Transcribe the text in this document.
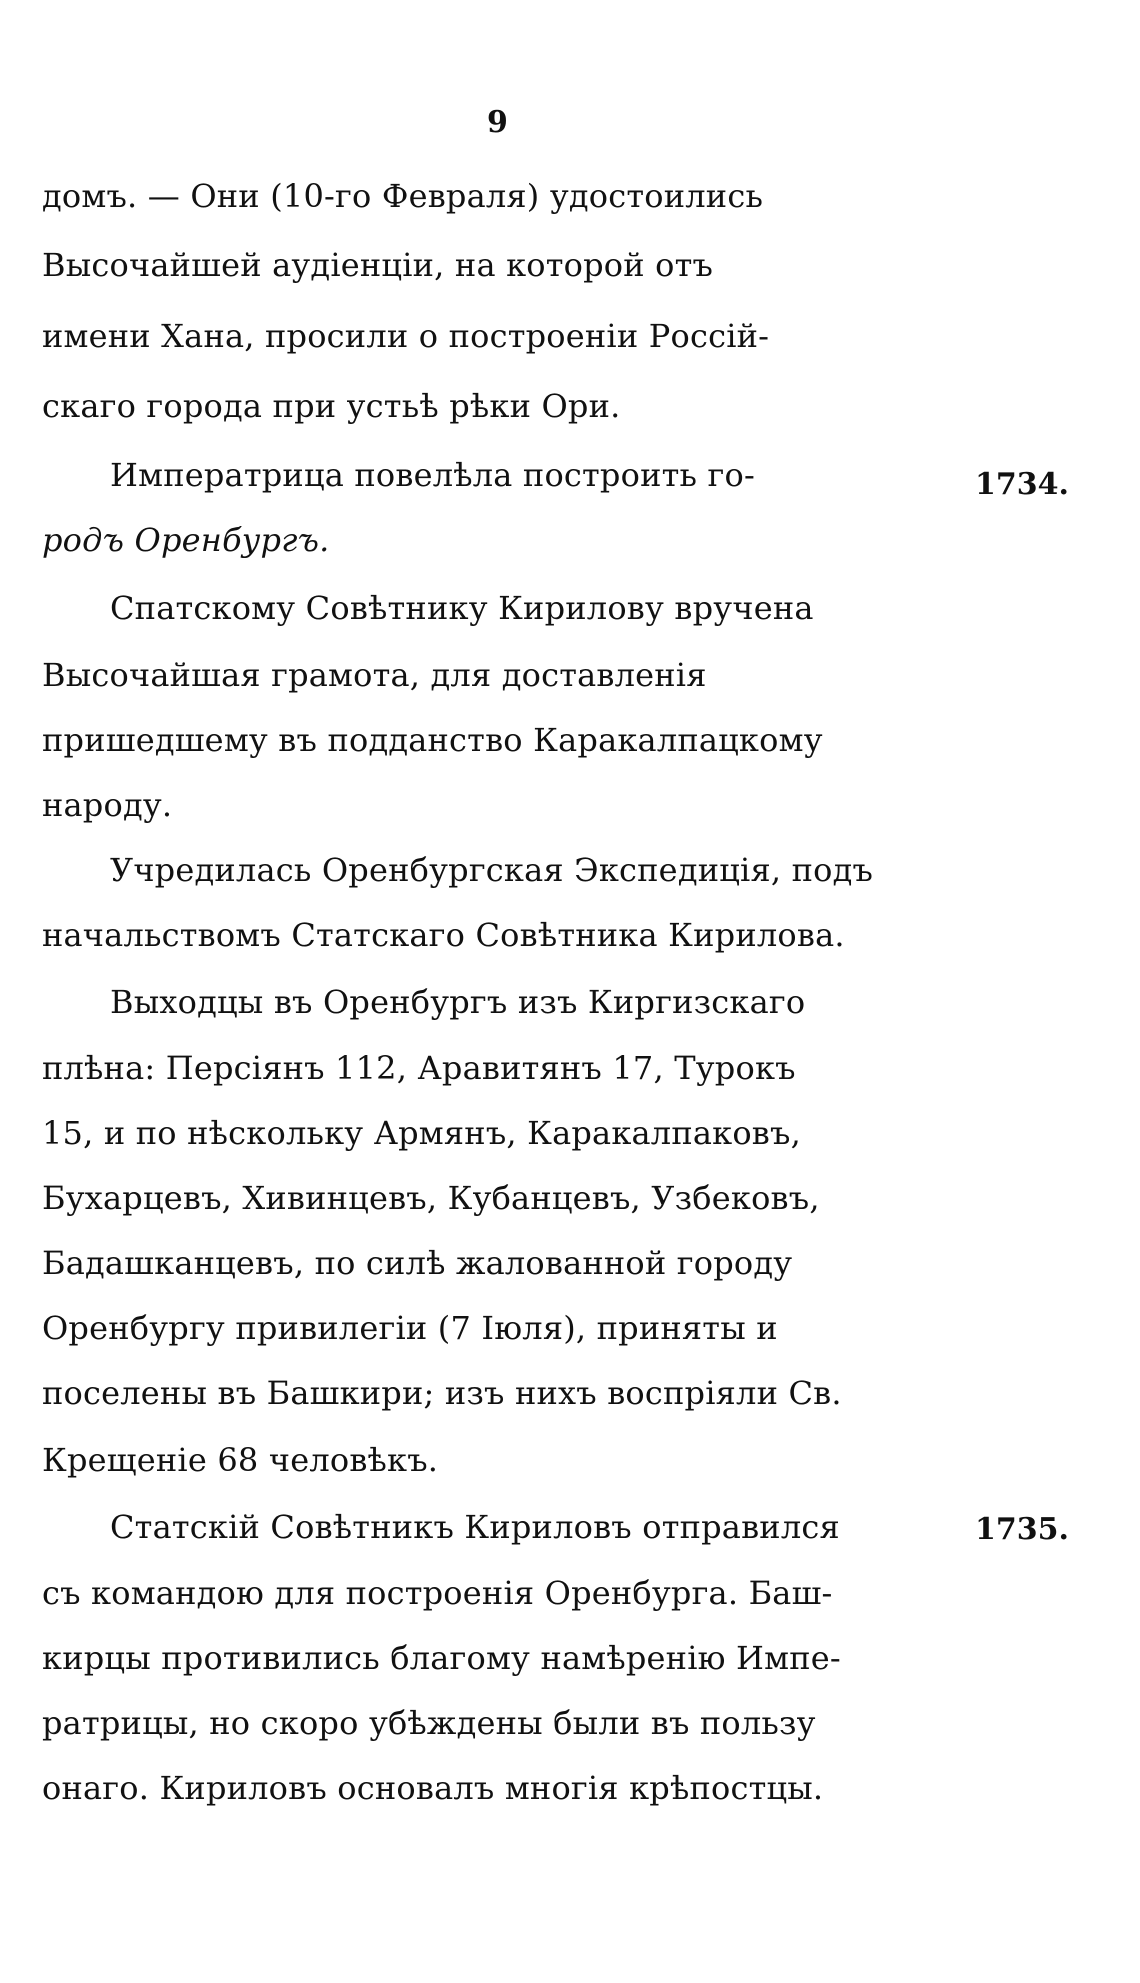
9
домъ. — Они (10-го Февраля) удостоились
Высочайшей аудіенціи, на которой отъ
имени Хана, просили о построеніи Россій-
скаго города при устьѣ рѣки Ори.
Императрица повелѣла построить го-
родъ Оренбургъ.
Спатскому Совѣтнику Кирилову вручена
Высочайшая грамота, для доставленія
пришедшему въ подданство Каракалпацкому
народу.
Учредилась Оренбургская Экспедиція, подъ
начальствомъ Статскаго Совѣтника Кирилова.
Выходцы въ Оренбургъ изъ Киргизскаго
плѣна: Персіянъ 112, Аравитянъ 17, Турокъ
15, и по нѣскольку Армянъ, Каракалпаковъ,
Бухарцевъ, Хивинцевъ, Кубанцевъ, Узбековъ,
Бадашканцевъ, по силѣ жалованной городу
Оренбургу привилегіи (7 Іюля), приняты и
поселены въ Башкири; изъ нихъ воспріяли Св.
Крещеніе 68 человѣкъ.
Статскій Совѣтникъ Кириловъ отправился
съ командою для построенія Оренбурга. Баш-
кирцы противились благому намѣренію Импе-
ратрицы, но скоро убѣждены были въ пользу
онаго. Кириловъ основалъ многія крѣпостцы.
1734.
1735.
